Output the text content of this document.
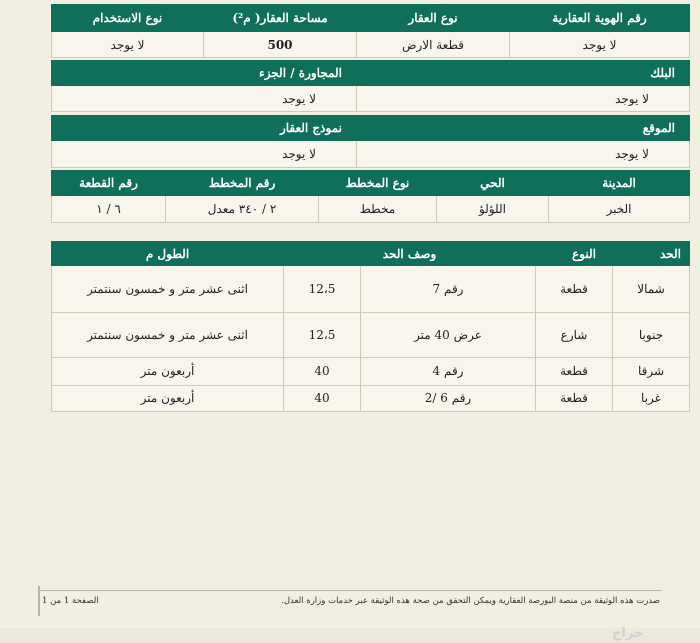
رقم الهوية العقارية	نوع العقار	مساحة العقار( م²)	نوع الاستخدام
لا يوجد	قطعة الارض	500	لا يوجد
البلك	المجاورة / الجزء
لا يوجد	لا يوجد
الموقع	نموذج العقار
لا يوجد	لا يوجد
المدينة	الحي	نوع المخطط	رقم المخطط	رقم القطعة
الخبر	اللؤلؤ	مخطط	٢ / ٣٤٠ معدل	٦ / ١
الحد	النوع	وصف الحد		الطول م
شمالا	قطعة	رقم 7	12،5	اثنى عشر متر و خمسون سنتمتر
جنوبا	شارع	عرض 40 متر	12،5	اثنى عشر متر و خمسون سنتمتر
شرقا	قطعة	رقم 4	40	أربعون متر
غربا	قطعة	رقم 6 /2	40	أربعون متر
صدرت هذه الوثيقة من منصة البورصة العقارية ويمكن التحقق من صحة هذه الوثيقة عبر خدمات وزارة العدل.
الصفحة 1 من 1
حراج
